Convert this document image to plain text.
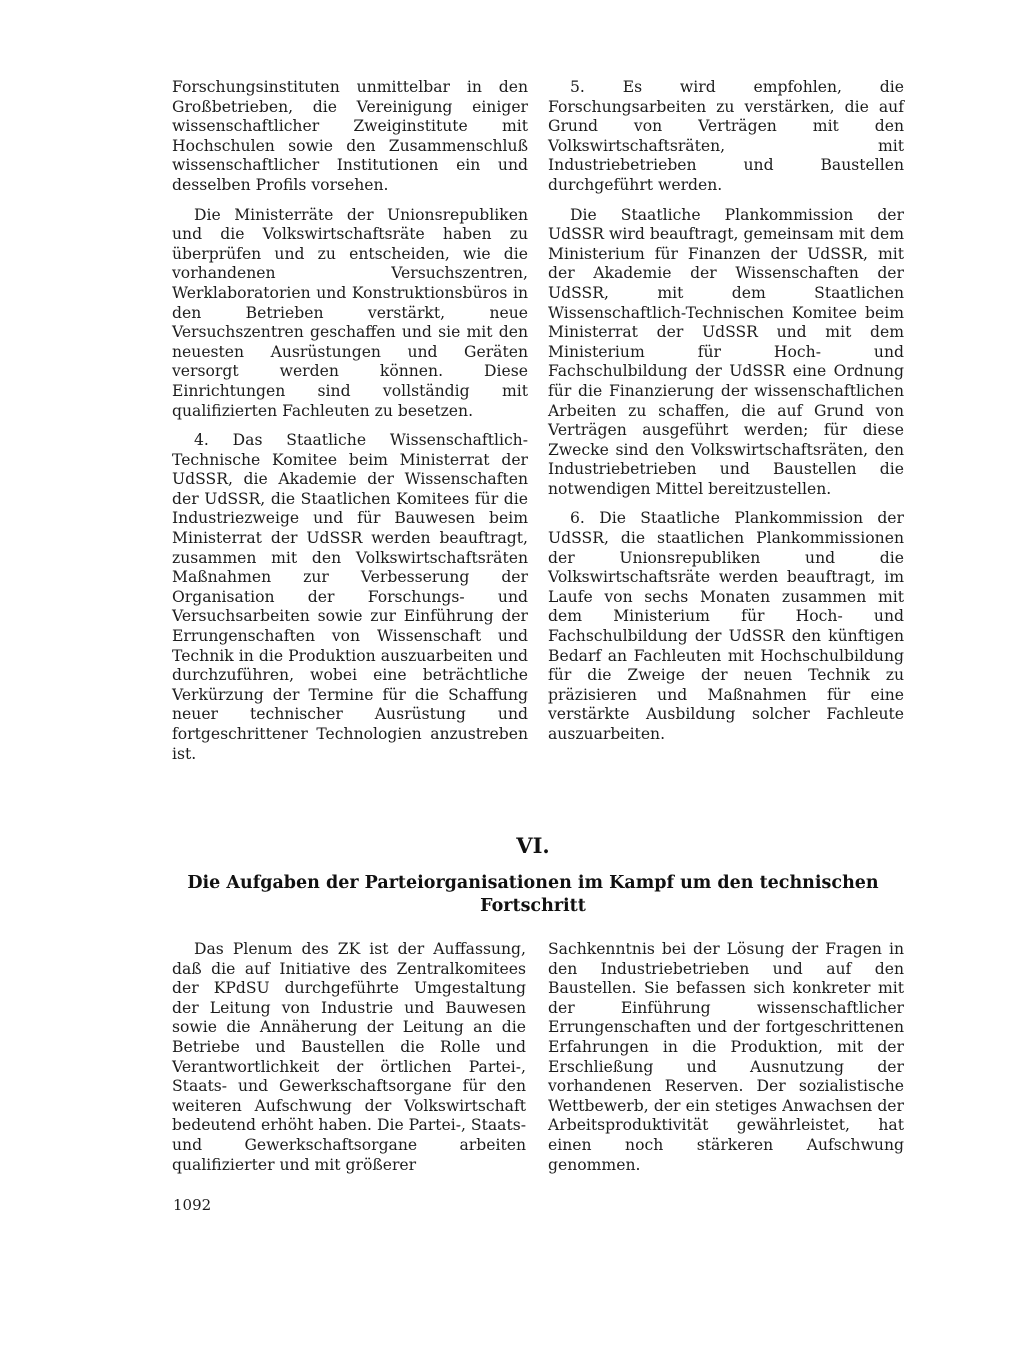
Forschungsinstituten unmittelbar in den Großbetrieben, die Vereinigung einiger wissenschaftlicher Zweiginstitute mit Hochschulen sowie den Zusammenschluß wissenschaftlicher Institutionen ein und desselben Profils vorsehen.

Die Ministerräte der Unionsrepubliken und die Volkswirtschaftsräte haben zu überprüfen und zu entscheiden, wie die vorhandenen Versuchszentren, Werklaboratorien und Konstruktionsbüros in den Betrieben verstärkt, neue Versuchszentren geschaffen und sie mit den neuesten Ausrüstungen und Geräten versorgt werden können. Diese Einrichtungen sind vollständig mit qualifizierten Fachleuten zu besetzen.

4. Das Staatliche Wissenschaftlich-Technische Komitee beim Ministerrat der UdSSR, die Akademie der Wissenschaften der UdSSR, die Staatlichen Komitees für die Industriezweige und für Bauwesen beim Ministerrat der UdSSR werden beauftragt, zusammen mit den Volkswirtschaftsräten Maßnahmen zur Verbesserung der Organisation der Forschungs- und Versuchsarbeiten sowie zur Einführung der Errungenschaften von Wissenschaft und Technik in die Produktion auszuarbeiten und durchzuführen, wobei eine beträchtliche Verkürzung der Termine für die Schaffung neuer technischer Ausrüstung und fortgeschrittener Technologien anzustreben ist.

5. Es wird empfohlen, die Forschungsarbeiten zu verstärken, die auf Grund von Verträgen mit den Volkswirtschaftsräten, mit Industriebetrieben und Baustellen durchgeführt werden.

Die Staatliche Plankommission der UdSSR wird beauftragt, gemeinsam mit dem Ministerium für Finanzen der UdSSR, mit der Akademie der Wissenschaften der UdSSR, mit dem Staatlichen Wissenschaftlich-Technischen Komitee beim Ministerrat der UdSSR und mit dem Ministerium für Hoch- und Fachschulbildung der UdSSR eine Ordnung für die Finanzierung der wissenschaftlichen Arbeiten zu schaffen, die auf Grund von Verträgen ausgeführt werden; für diese Zwecke sind den Volkswirtschaftsräten, den Industriebetrieben und Baustellen die notwendigen Mittel bereitzustellen.

6. Die Staatliche Plankommission der UdSSR, die staatlichen Plankommissionen der Unionsrepubliken und die Volkswirtschaftsräte werden beauftragt, im Laufe von sechs Monaten zusammen mit dem Ministerium für Hoch- und Fachschulbildung der UdSSR den künftigen Bedarf an Fachleuten mit Hochschulbildung für die Zweige der neuen Technik zu präzisieren und Maßnahmen für eine verstärkte Ausbildung solcher Fachleute auszuarbeiten.

VI.
Die Aufgaben der Parteiorganisationen im Kampf um den technischen Fortschritt

Das Plenum des ZK ist der Auffassung, daß die auf Initiative des Zentralkomitees der KPdSU durchgeführte Umgestaltung der Leitung von Industrie und Bauwesen sowie die Annäherung der Leitung an die Betriebe und Baustellen die Rolle und Verantwortlichkeit der örtlichen Partei-, Staats- und Gewerkschaftsorgane für den weiteren Aufschwung der Volkswirtschaft bedeutend erhöht haben. Die Partei-, Staats- und Gewerkschaftsorgane arbeiten qualifizierter und mit größerer

Sachkenntnis bei der Lösung der Fragen in den Industriebetrieben und auf den Baustellen. Sie befassen sich konkreter mit der Einführung wissenschaftlicher Errungenschaften und der fortgeschrittenen Erfahrungen in die Produktion, mit der Erschließung und Ausnutzung der vorhandenen Reserven. Der sozialistische Wettbewerb, der ein stetiges Anwachsen der Arbeitsproduktivität gewährleistet, hat einen noch stärkeren Aufschwung genommen.

1092
